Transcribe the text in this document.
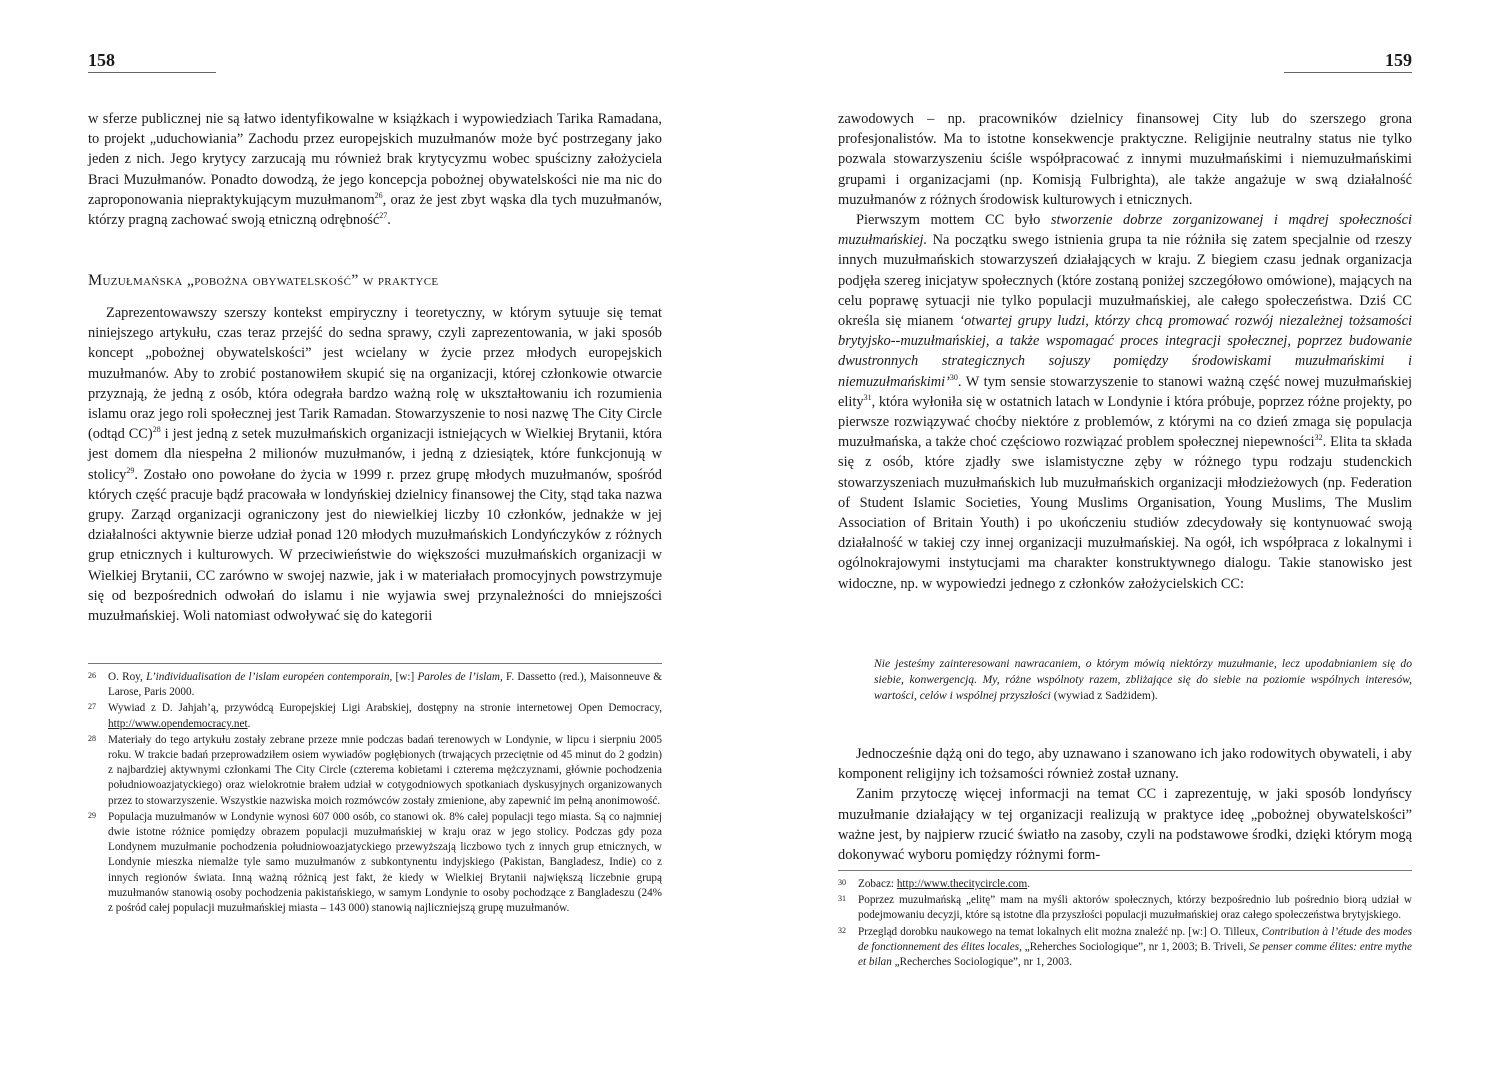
158

w sferze publicznej nie są łatwo identyfikowalne w książkach i wypowiedziach Tarika Ramadana, to projekt „uduchowiania” Zachodu przez europejskich muzułmanów może być postrzegany jako jeden z nich. Jego krytycy zarzucają mu również brak krytycyzmu wobec spuścizny założyciela Braci Muzułmanów. Ponadto dowodzą, że jego koncepcja pobożnej obywatelskości nie ma nic do zaproponowania niepraktykującym muzułmanom$^{26}$, oraz że jest zbyt wąska dla tych muzułmanów, którzy pragną zachować swoją etniczną odrębność$^{27}$.

Muzułmańska „pobożna obywatelskość” w praktyce

Zaprezentowawszy szerszy kontekst empiryczny i teoretyczny, w którym sytuuje się temat niniejszego artykułu, czas teraz przejść do sedna sprawy, czyli zaprezentowania, w jaki sposób koncept „pobożnej obywatelskości” jest wcielany w życie przez młodych europejskich muzułmanów. Aby to zrobić postanowiłem skupić się na organizacji, której członkowie otwarcie przyznają, że jedną z osób, która odegrała bardzo ważną rolę w ukształtowaniu ich rozumienia islamu oraz jego roli społecznej jest Tarik Ramadan. Stowarzyszenie to nosi nazwę The City Circle (odtąd CC)$^{28}$ i jest jedną z setek muzułmańskich organizacji istniejących w Wielkiej Brytanii, która jest domem dla niespełna 2 milionów muzułmanów, i jedną z dziesiątek, które funkcjonują w stolicy$^{29}$. Zostało ono powołane do życia w 1999 r. przez grupę młodych muzułmanów, spośród których część pracuje bądź pracowała w londyńskiej dzielnicy finansowej the City, stąd taka nazwa grupy. Zarząd organizacji ograniczony jest do niewielkiej liczby 10 członków, jednakże w jej działalności aktywnie bierze udział ponad 120 młodych muzułmańskich Londyńczyków z różnych grup etnicznych i kulturowych. W przeciwieństwie do większości muzułmańskich organizacji w Wielkiej Brytanii, CC zarówno w swojej nazwie, jak i w materiałach promocyjnych powstrzymuje się od bezpośrednich odwołań do islamu i nie wyjawia swej przynależności do mniejszości muzułmańskiej. Woli natomiast odwoływać się do kategorii

26 O. Roy, L’individualisation de l’islam européen contemporain, [w:] Paroles de l’islam, F. Dassetto (red.), Maisonneuve & Larose, Paris 2000.
27 Wywiad z D. Jahjah’ą, przywódcą Europejskiej Ligi Arabskiej, dostępny na stronie internetowej Open Democracy, http://www.opendemocracy.net.
28 Materiały do tego artykułu zostały zebrane przeze mnie podczas badań terenowych w Londynie, w lipcu i sierpniu 2005 roku. W trakcie badań przeprowadziłem osiem wywiadów pogłębionych (trwających przeciętnie od 45 minut do 2 godzin) z najbardziej aktywnymi członkami The City Circle (czterema kobietami i czterema mężczyznami, głównie pochodzenia południowoazjatyckiego) oraz wielokrotnie brałem udział w cotygodniowych spotkaniach dyskusyjnych organizowanych przez to stowarzyszenie. Wszystkie nazwiska moich rozmówców zostały zmienione, aby zapewnić im pełną anonimowość.
29 Populacja muzułmanów w Londynie wynosi 607 000 osób, co stanowi ok. 8% całej populacji tego miasta. Są co najmniej dwie istotne różnice pomiędzy obrazem populacji muzułmańskiej w kraju oraz w jego stolicy. Podczas gdy poza Londynem muzułmanie pochodzenia południowoazjatyckiego przewyższają liczbowo tych z innych grup etnicznych, w Londynie mieszka niemalże tyle samo muzułmanów z subkontynentu indyjskiego (Pakistan, Bangladesz, Indie) co z innych regionów świata. Inną ważną różnicą jest fakt, że kiedy w Wielkiej Brytanii największą liczebnie grupą muzułmanów stanowią osoby pochodzenia pakistańskiego, w samym Londynie to osoby pochodzące z Bangladeszu (24% z pośród całej populacji muzułmańskiej miasta – 143 000) stanowią najliczniejszą grupę muzułmanów.
159

zawodowych – np. pracowników dzielnicy finansowej City lub do szerszego grona profesjonalistów. Ma to istotne konsekwencje praktyczne. Religijnie neutralny status nie tylko pozwala stowarzyszeniu ściśle współpracować z innymi muzułmańskimi i niemuzułmańskimi grupami i organizacjami (np. Komisją Fulbrighta), ale także angażuje w swą działalność muzułmanów z różnych środowisk kulturowych i etnicznych.

Pierwszym mottem CC było stworzenie dobrze zorganizowanej i mądrej społeczności muzułmańskiej. Na początku swego istnienia grupa ta nie różniła się zatem specjalnie od rzeszy innych muzułmańskich stowarzyszeń działających w kraju. Z biegiem czasu jednak organizacja podjęła szereg inicjatyw społecznych (które zostaną poniżej szczegółowo omówione), mających na celu poprawę sytuacji nie tylko populacji muzułmańskiej, ale całego społeczeństwa. Dziś CC określa się mianem ‘otwartej grupy ludzi, którzy chcą promować rozwój niezależnej tożsamości brytyjsko--muzułmańskiej, a także wspomagać proces integracji społecznej, poprzez budowanie dwustronnych strategicznych sojuszy pomiędzy środowiskami muzułmańskimi i niemuzułmańskimi’$^{30}$. W tym sensie stowarzyszenie to stanowi ważną część nowej muzułmańskiej elity$^{31}$, która wyłoniła się w ostatnich latach w Londynie i która próbuje, poprzez różne projekty, po pierwsze rozwiązywać choćby niektóre z problemów, z którymi na co dzień zmaga się populacja muzułmańska, a także choć częściowo rozwiązać problem społecznej niepewności$^{32}$. Elita ta składa się z osób, które zjadły swe islamistyczne zęby w różnego typu rodzaju studenckich stowarzyszeniach muzułmańskich lub muzułmańskich organizacji młodzieżowych (np. Federation of Student Islamic Societies, Young Muslims Organisation, Young Muslims, The Muslim Association of Britain Youth) i po ukończeniu studiów zdecydowały się kontynuować swoją działalność w takiej czy innej organizacji muzułmańskiej. Na ogół, ich współpraca z lokalnymi i ogólnokrajowymi instytucjami ma charakter konstruktywnego dialogu. Takie stanowisko jest widoczne, np. w wypowiedzi jednego z członków założycielskich CC:

Nie jesteśmy zainteresowani nawracaniem, o którym mówią niektórzy muzułmanie, lecz upodabnianiem się do siebie, konwergencją. My, różne wspólnoty razem, zbliżające się do siebie na poziomie wspólnych interesów, wartości, celów i wspólnej przyszłości (wywiad z Sadżidem).

Jednocześnie dążą oni do tego, aby uznawano i szanowano ich jako rodowitych obywateli, i aby komponent religijny ich tożsamości również został uznany.

Zanim przytoczę więcej informacji na temat CC i zaprezentuję, w jaki sposób londyńscy muzułmanie działający w tej organizacji realizują w praktyce ideę „pobożnej obywatelskości” ważne jest, by najpierw rzucić światło na zasoby, czyli na podstawowe środki, dzięki którym mogą dokonywać wyboru pomiędzy różnymi form-

30 Zobacz: http://www.thecitycircle.com.
31 Poprzez muzułmańską „elitę” mam na myśli aktorów społecznych, którzy bezpośrednio lub pośrednio biorą udział w podejmowaniu decyzji, które są istotne dla przyszłości populacji muzułmańskiej oraz całego społeczeństwa brytyjskiego.
32 Przegląd dorobku naukowego na temat lokalnych elit można znaleźć np. [w:] O. Tilleux, Contribution à l’étude des modes de fonctionnement des élites locales, „Reherches Sociologique”, nr 1, 2003; B. Triveli, Se penser comme élites: entre mythe et bilan „Recherches Sociologique”, nr 1, 2003.
